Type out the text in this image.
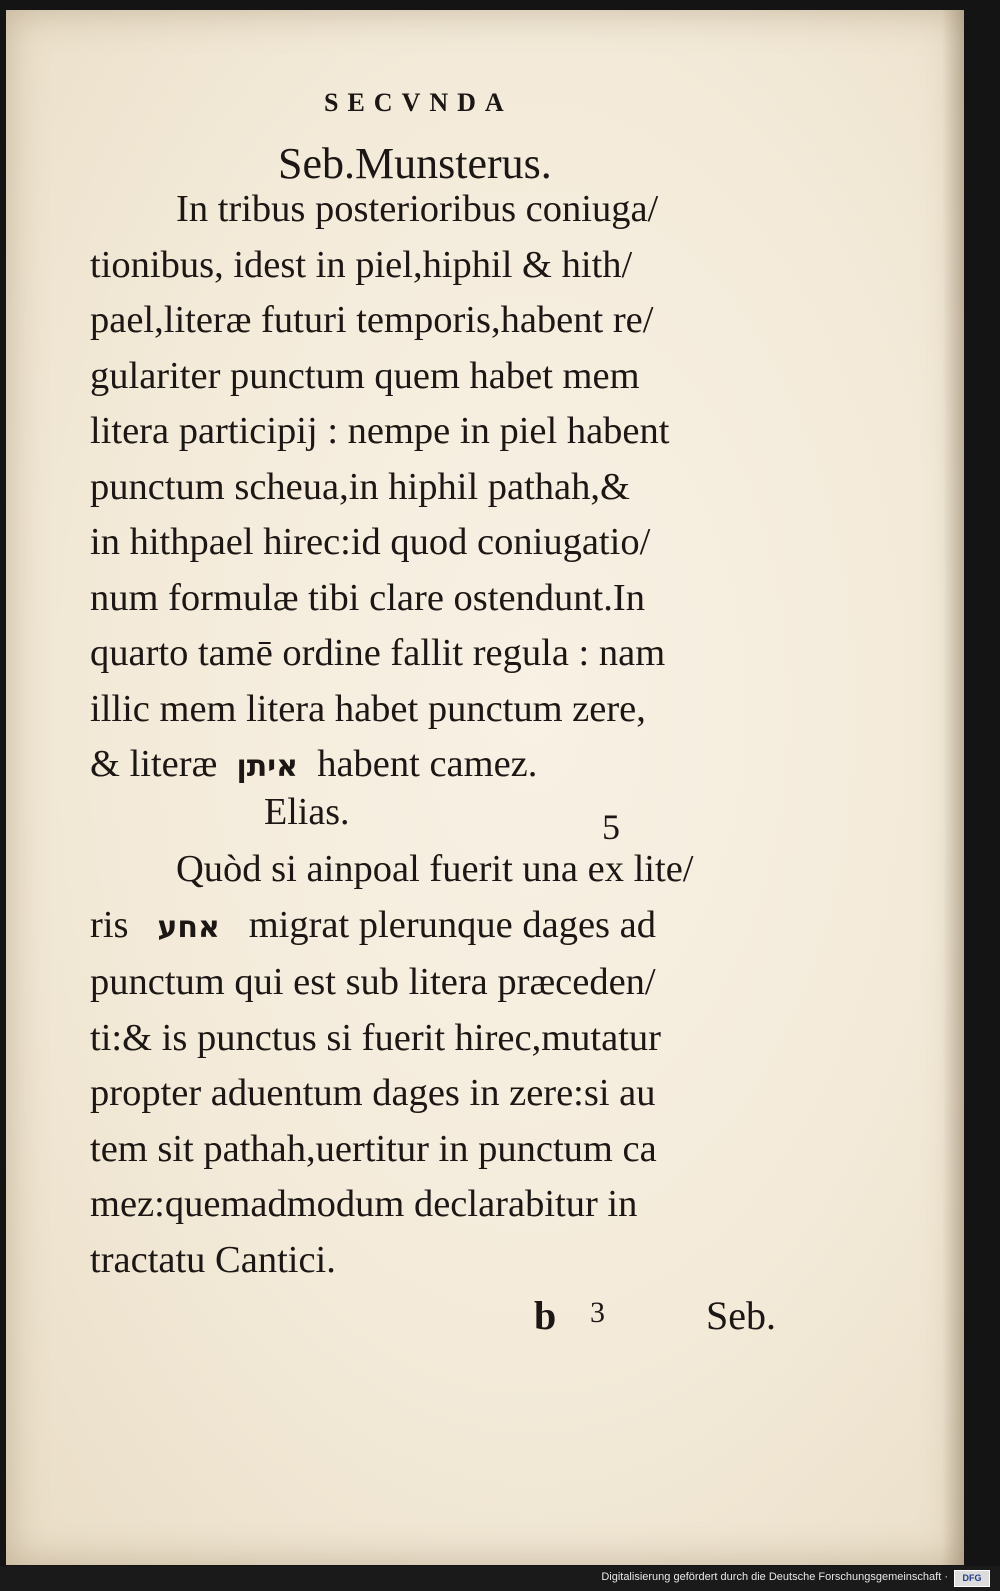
SECVNDA
Seb.Munsterus.
In tribus posterioribus coniuga/
tionibus, idest in piel,hiphil & hith/
pael,literæ futuri temporis,habent re/
gulariter punctum quem habet mem
litera participij : nempe in piel habent
punctum scheua,in hiphil pathah,&
in hithpael hirec:id quod coniugatio/
num formulæ tibi clare ostendunt.In
quarto tamē ordine fallit regula : nam
illic mem litera habet punctum zere,
& literæ איתן habent camez.
Elias.	5
Quòd si ainpoal fuerit una ex lite/
ris אחע migrat plerunque dages ad
punctum qui est sub litera præceden/
ti:& is punctus si fuerit hirec,mutatur
propter aduentum dages in zere:si au
tem sit pathah,uertitur in punctum ca
mez:quemadmodum declarabitur in
tractatu Cantici.
b 3	Seb.
Digitalisierung gefördert durch die Deutsche Forschungsgemeinschaft ·	DFG
